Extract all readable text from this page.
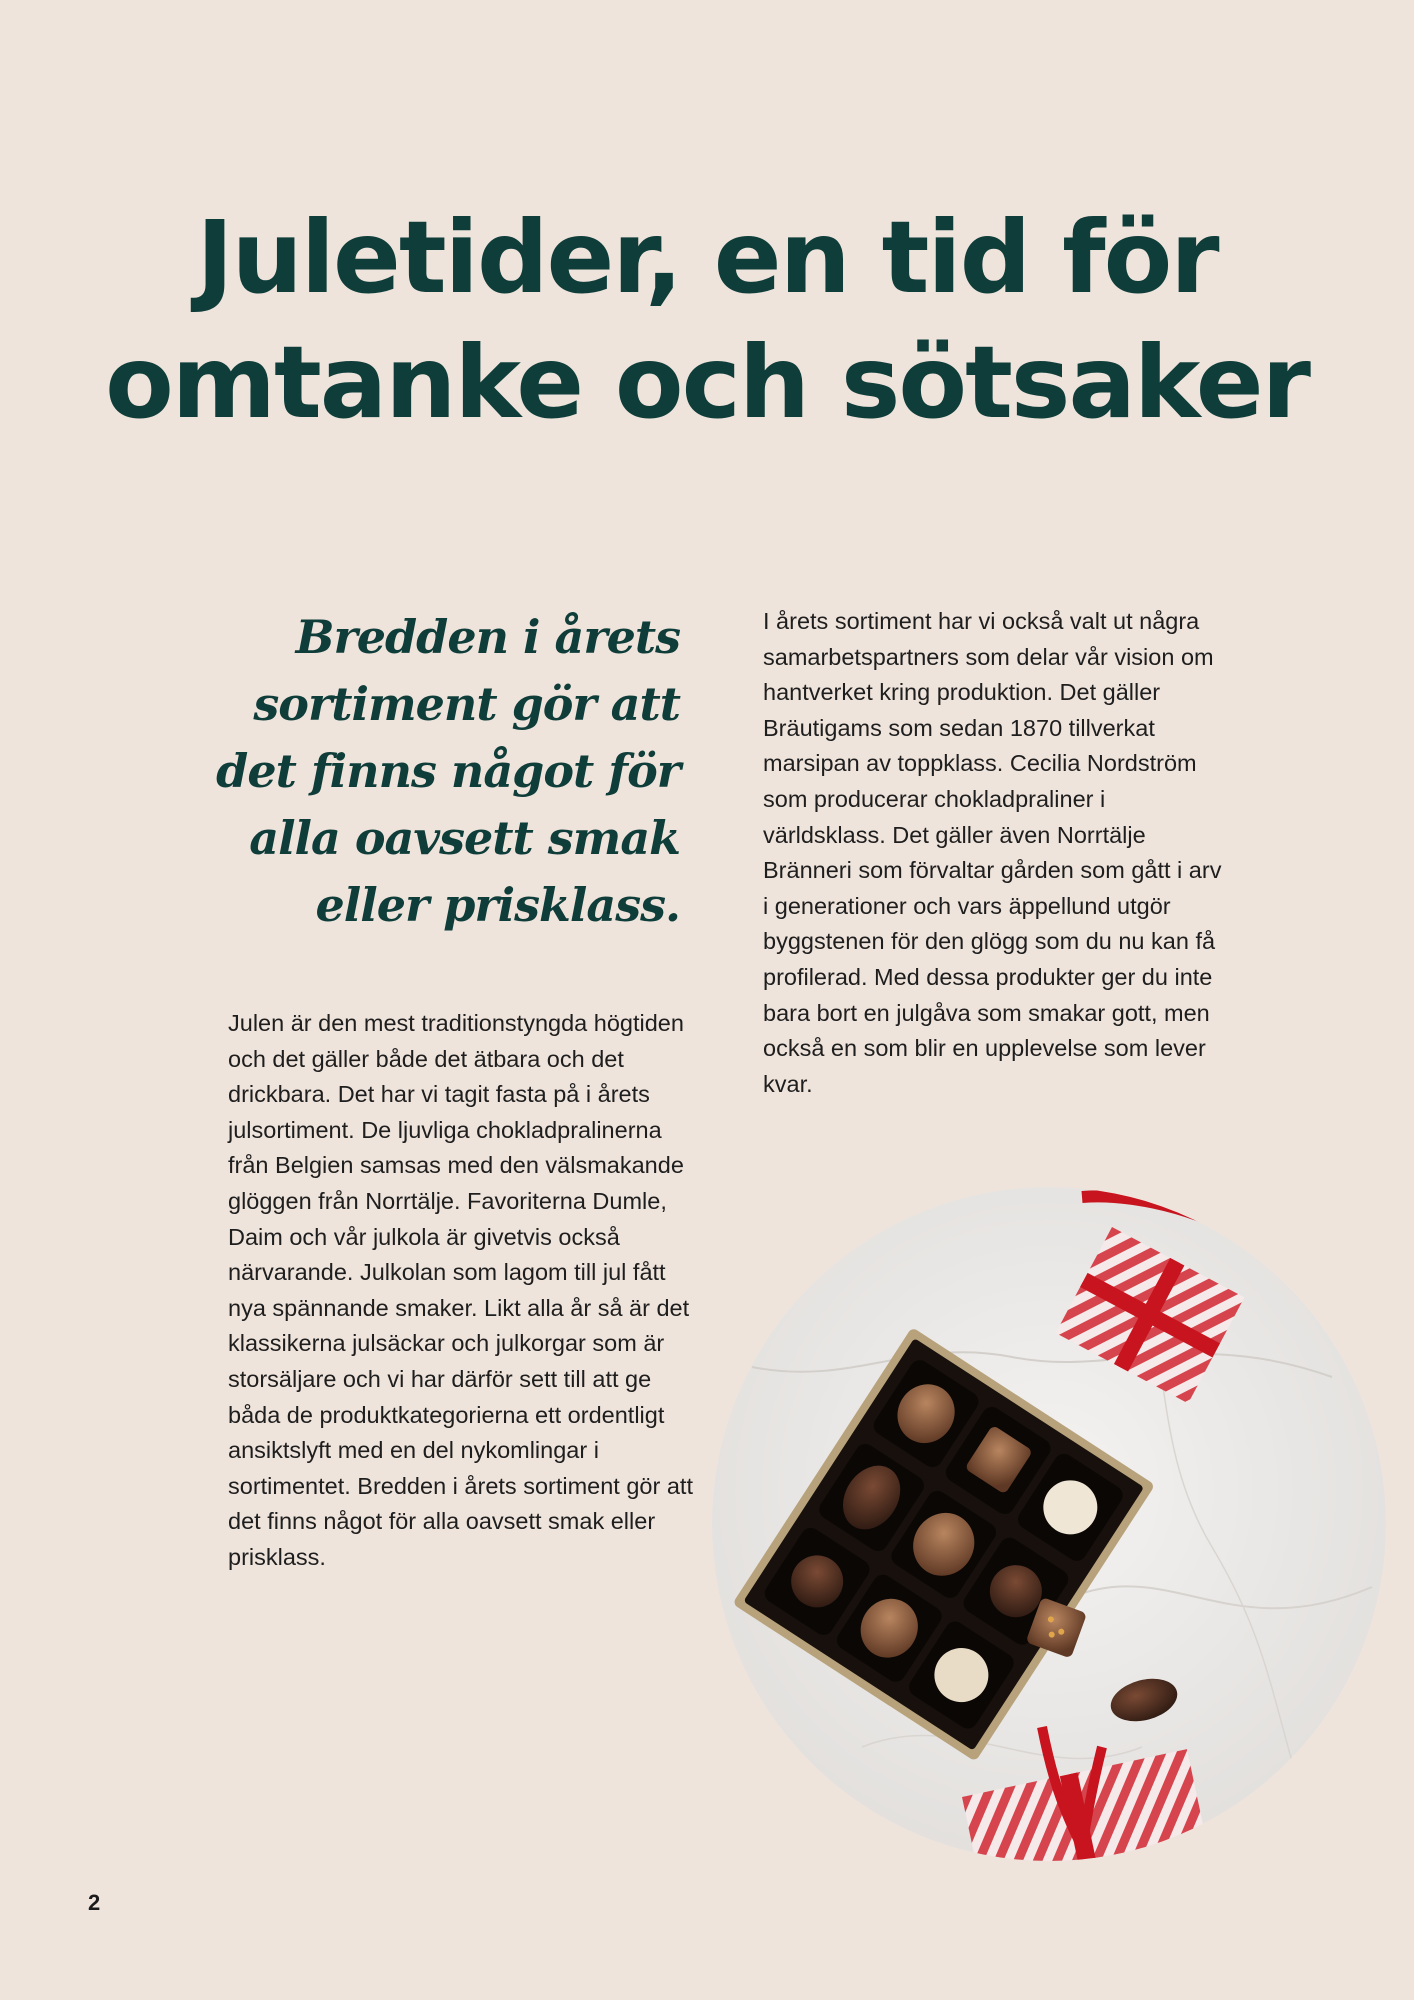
Juletider, en tid för
omtanke och sötsaker

Bredden i årets sortiment gör att det finns något för alla oavsett smak eller prisklass.

Julen är den mest traditionstyngda högtiden och det gäller både det ätbara och det drickbara. Det har vi tagit fasta på i årets julsortiment. De ljuvliga chokladpralinerna från Belgien samsas med den välsmakande glöggen från Norrtälje. Favoriterna Dumle, Daim och vår julkola är givetvis också närvarande. Julkolan som lagom till jul fått nya spännande smaker. Likt alla år så är det klassikerna julsäckar och julkorgar som är storsäljare och vi har därför sett till att ge båda de produktkategorierna ett ordentligt ansiktslyft med en del nykomlingar i sortimentet. Bredden i årets sortiment gör att det finns något för alla oavsett smak eller prisklass.

I årets sortiment har vi också valt ut några samarbetspartners som delar vår vision om hantverket kring produktion. Det gäller Bräutigams som sedan 1870 tillverkat marsipan av toppklass. Cecilia Nordström som producerar chokladpraliner i världsklass. Det gäller även Norrtälje Bränneri som förvaltar gården som gått i arv i generationer och vars äppellund utgör byggstenen för den glögg som du nu kan få profilerad. Med dessa produkter ger du inte bara bort en julgåva som smakar gott, men också en som blir en upplevelse som lever kvar.

2
